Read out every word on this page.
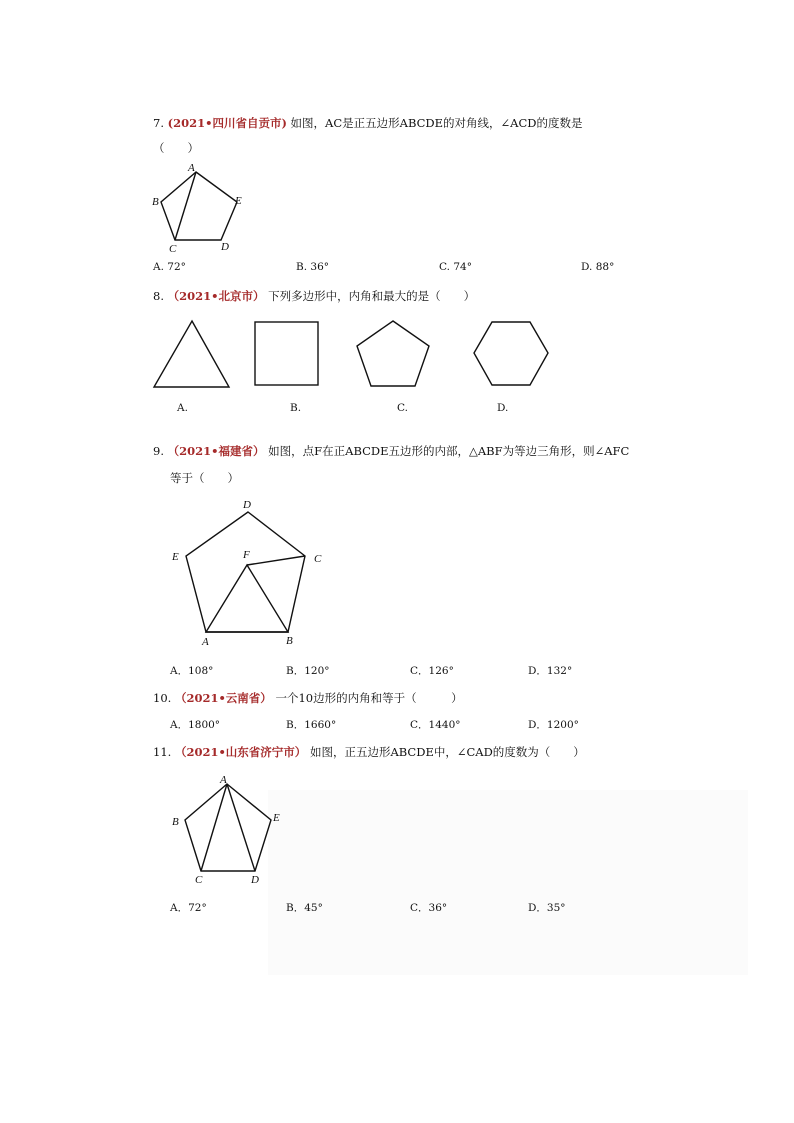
7. (2021•四川省自贡市) 如图，AC是正五边形ABCDE的对角线，∠ACD的度数是
（　　）
A
B
C	D
E
A. 72°	B. 36°	C. 74°	D. 88°
8. （2021•北京市） 下列多边形中，内角和最大的是（　　）
A.	B.	C.	D.
9. （2021•福建省） 如图，点F在正ABCDE五边形的内部，△ABF为等边三角形，则∠AFC
等于（　　）
D
E	F	C
A	B
A．108°	B．120°	C．126°	D．132°
10. （2021•云南省） 一个10边形的内角和等于（　　　）
A．1800°	B．1660°	C．1440°	D．1200°
11. （2021•山东省济宁市） 如图，正五边形ABCDE中，∠CAD的度数为（　　）
A
B
C	D
E
A．72°	B．45°	C．36°	D．35°
